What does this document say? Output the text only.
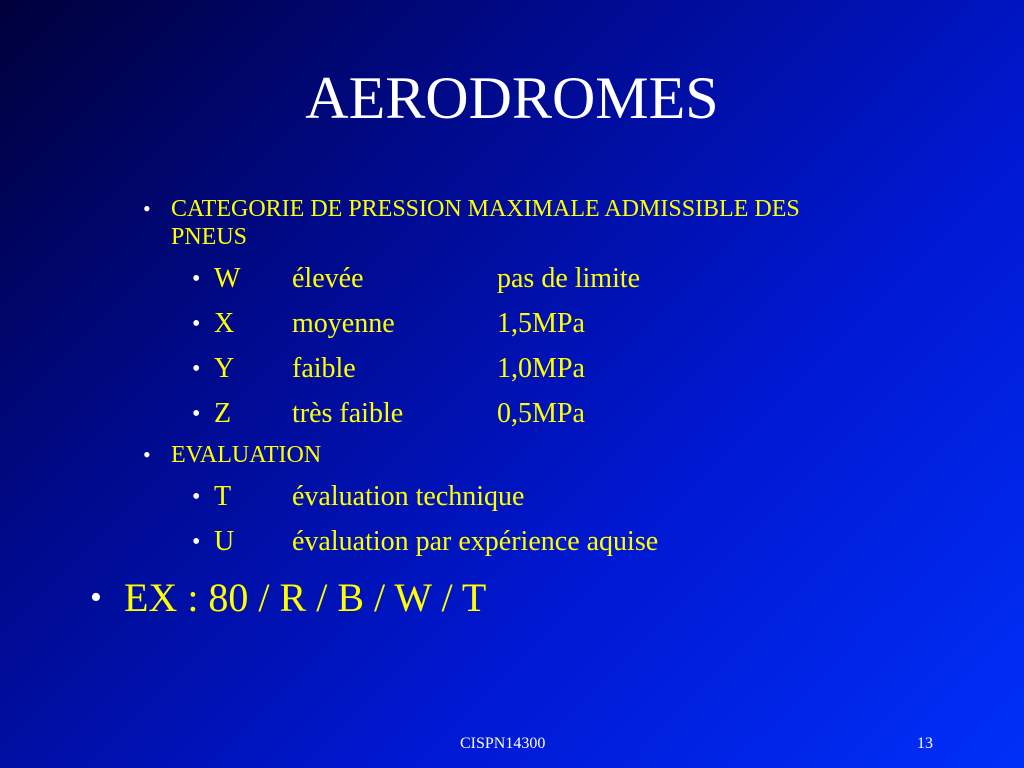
AERODROMES
• CATEGORIE DE PRESSION MAXIMALE ADMISSIBLE DES
PNEUS
• W élevée	pas de limite
• X moyenne	1,5MPa
• Y faible	1,0MPa
• Z très faible	0,5MPa
• EVALUATION
• T évaluation technique
• U évaluation par expérience aquise
• EX : 80 / R / B / W / T
CISPN14300	13
